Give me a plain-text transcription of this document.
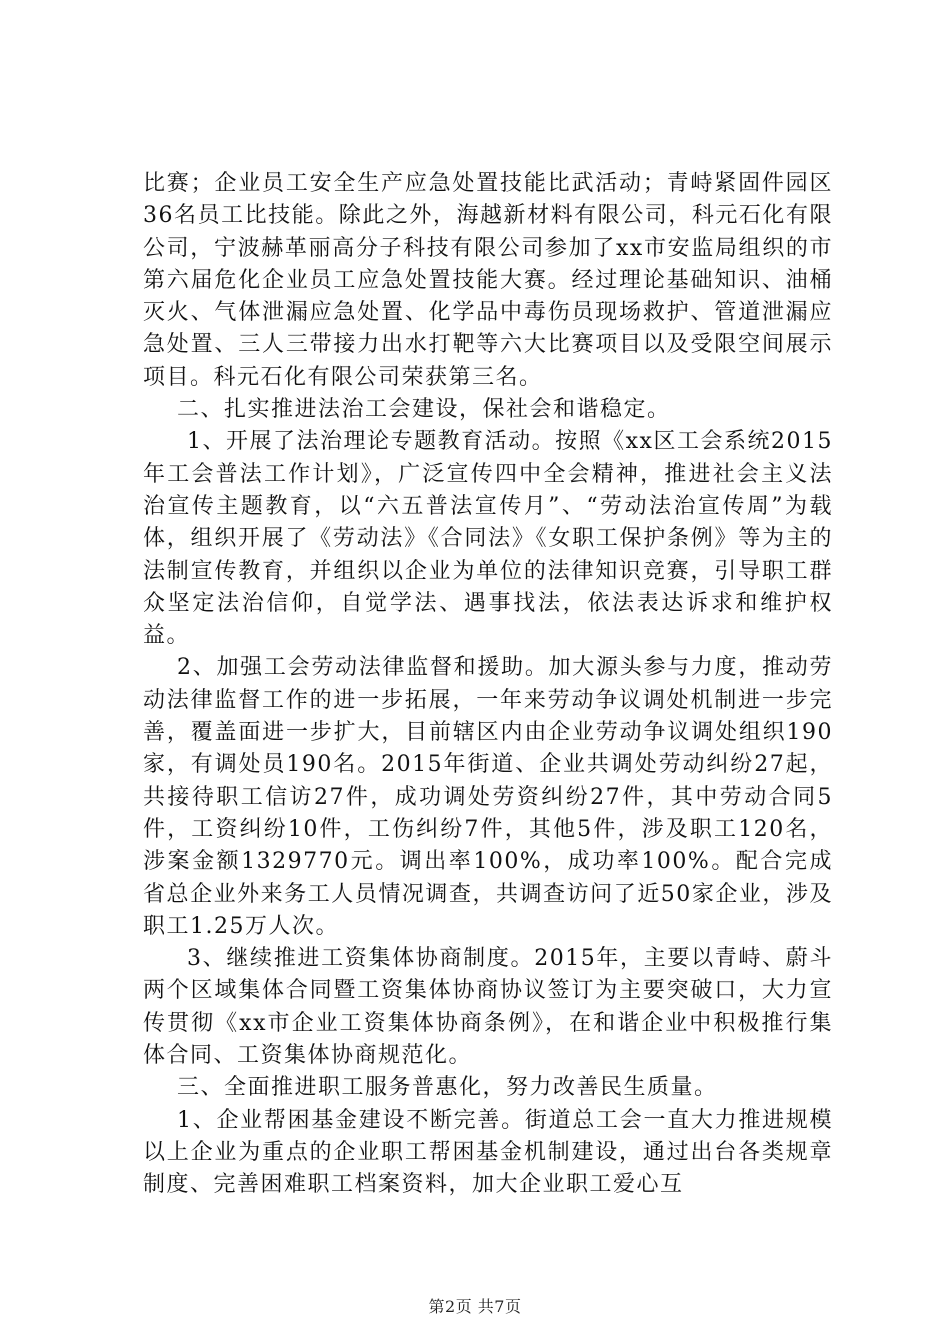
比赛；企业员工安全生产应急处置技能比武活动；青峙紧固件园区36名员工比技能。除此之外，海越新材料有限公司，科元石化有限公司，宁波赫革丽高分子科技有限公司参加了xx市安监局组织的市第六届危化企业员工应急处置技能大赛。经过理论基础知识、油桶灭火、气体泄漏应急处置、化学品中毒伤员现场救护、管道泄漏应急处置、三人三带接力出水打靶等六大比赛项目以及受限空间展示项目。科元石化有限公司荣获第三名。

二、扎实推进法治工会建设，保社会和谐稳定。

1、开展了法治理论专题教育活动。按照《xx区工会系统2015年工会普法工作计划》，广泛宣传四中全会精神，推进社会主义法治宣传主题教育，以“六五普法宣传月”、“劳动法治宣传周”为载体，组织开展了《劳动法》《合同法》《女职工保护条例》等为主的法制宣传教育，并组织以企业为单位的法律知识竞赛，引导职工群众坚定法治信仰，自觉学法、遇事找法，依法表达诉求和维护权益。

2、加强工会劳动法律监督和援助。加大源头参与力度，推动劳动法律监督工作的进一步拓展，一年来劳动争议调处机制进一步完善，覆盖面进一步扩大，目前辖区内由企业劳动争议调处组织190家，有调处员190名。2015年街道、企业共调处劳动纠纷27起，共接待职工信访27件，成功调处劳资纠纷27件，其中劳动合同5件，工资纠纷10件，工伤纠纷7件，其他5件，涉及职工120名，涉案金额1329770元。调出率100%，成功率100%。配合完成省总企业外来务工人员情况调查，共调查访问了近50家企业，涉及职工1.25万人次。

3、继续推进工资集体协商制度。2015年，主要以青峙、蔚斗两个区域集体合同暨工资集体协商协议签订为主要突破口，大力宣传贯彻《xx市企业工资集体协商条例》，在和谐企业中积极推行集体合同、工资集体协商规范化。

三、全面推进职工服务普惠化，努力改善民生质量。

1、企业帮困基金建设不断完善。街道总工会一直大力推进规模以上企业为重点的企业职工帮困基金机制建设，通过出台各类规章制度、完善困难职工档案资料，加大企业职工爱心互

第2页 共7页
